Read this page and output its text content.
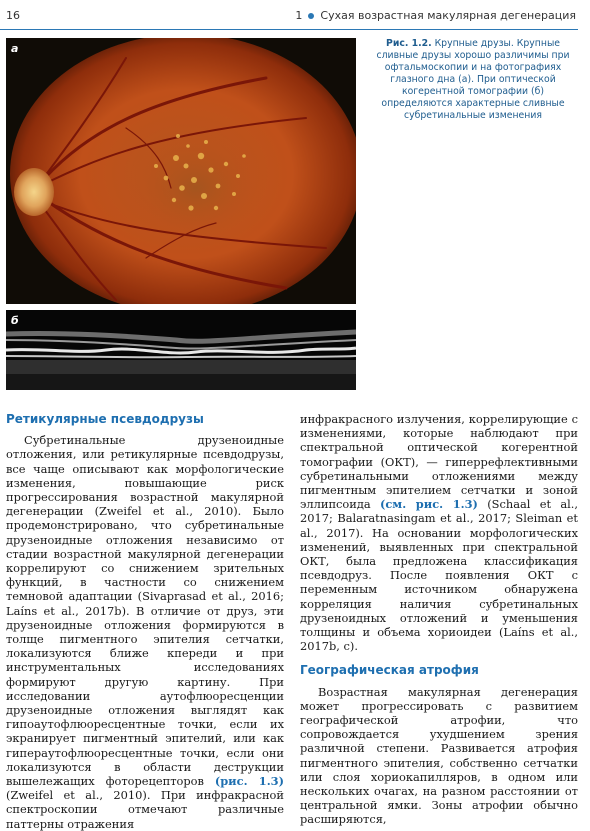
16	1 Сухая возрастная макулярная дегенерация
а
б
Рис. 1.2. Крупные друзы. Крупные сливные друзы хорошо различимы при офтальмоскопии и на фотографиях глазного дна (а). При оптической когерентной томографии (б) определяются характерные сливные субретинальные изменения
Ретикулярные псевдодрузы

Субретинальные друзеноидные отложения, или ретикулярные псевдодрузы, все чаще описывают как морфологические изменения, повышающие риск прогрессирования возрастной макулярной дегенерации (Zweifel et al., 2010). Было продемонстрировано, что субретинальные друзеноидные отложения независимо от стадии возрастной макулярной дегенерации коррелируют со снижением зрительных функций, в частности со снижением темновой адаптации (Sivaprasad et al., 2016; Laíns et al., 2017b). В отличие от друз, эти друзеноидные отложения формируются в толще пигментного эпителия сетчатки, локализуются ближе кпереди и при инструментальных исследованиях формируют другую картину. При исследовании аутофлюоресценции друзеноидные отложения выглядят как гипоаутофлюоресцентные точки, если их экранирует пигментный эпителий, или как гипераутофлюоресцентные точки, если они локализуются в области деструкции вышележащих фоторецепторов (рис. 1.3) (Zweifel et al., 2010). При инфракрасной спектроскопии отмечают различные паттерны отражения

инфракрасного излучения, коррелирующие с изменениями, которые наблюдают при спектральной оптической когерентной томографии (ОКТ), — гиперрефлективными субретинальными отложениями между пигментным эпителием сетчатки и зоной эллипсоида (см. рис. 1.3) (Schaal et al., 2017; Balaratnasingam et al., 2017; Sleiman et al., 2017). На основании морфологических изменений, выявленных при спектральной ОКТ, была предложена классификация псевдодруз. После появления ОКТ с переменным источником обнаружена корреляция наличия субретинальных друзеноидных отложений и уменьшения толщины и объема хориоидеи (Laíns et al., 2017b, c).

Географическая атрофия

Возрастная макулярная дегенерация может прогрессировать с развитием географической атрофии, что сопровождается ухудшением зрения различной степени. Развивается атрофия пигментного эпителия, собственно сетчатки или слоя хориокапилляров, в одном или нескольких очагах, на разном расстоянии от центральной ямки. Зоны атрофии обычно расширяются,
